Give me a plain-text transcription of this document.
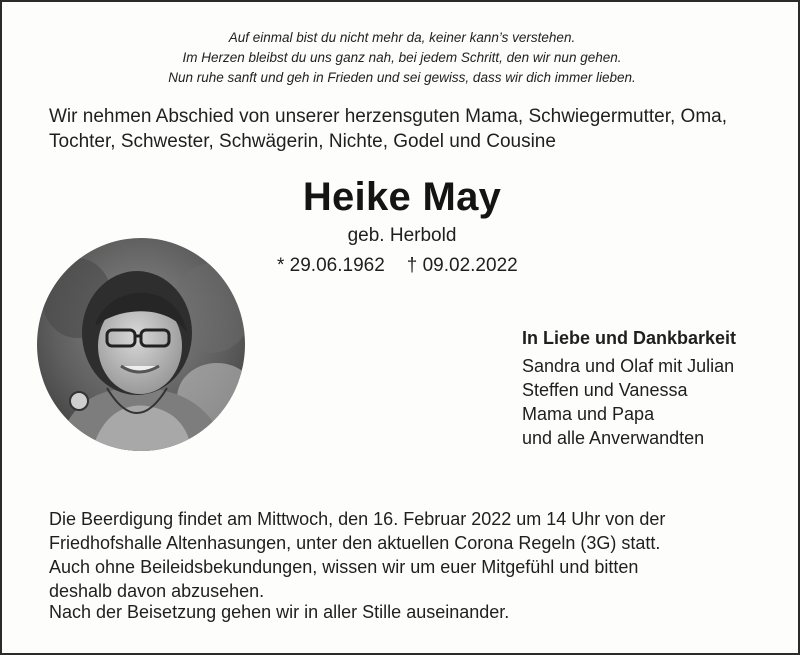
Auf einmal bist du nicht mehr da, keiner kann’s verstehen.
Im Herzen bleibst du uns ganz nah, bei jedem Schritt, den wir nun gehen.
Nun ruhe sanft und geh in Frieden und sei gewiss, dass wir dich immer lieben.
Wir nehmen Abschied von unserer herzensguten Mama, Schwiegermutter, Oma,
Tochter, Schwester, Schwägerin, Nichte, Godel und Cousine
Heike May
geb. Herbold
* 29.06.1962 † 09.02.2022
In Liebe und Dankbarkeit
Sandra und Olaf mit Julian
Steffen und Vanessa
Mama und Papa
und alle Anverwandten
Die Beerdigung findet am Mittwoch, den 16. Februar 2022 um 14 Uhr von der
Friedhofshalle Altenhasungen, unter den aktuellen Corona Regeln (3G) statt.
Auch ohne Beileidsbekundungen, wissen wir um euer Mitgefühl und bitten
deshalb davon abzusehen.
Nach der Beisetzung gehen wir in aller Stille auseinander.
